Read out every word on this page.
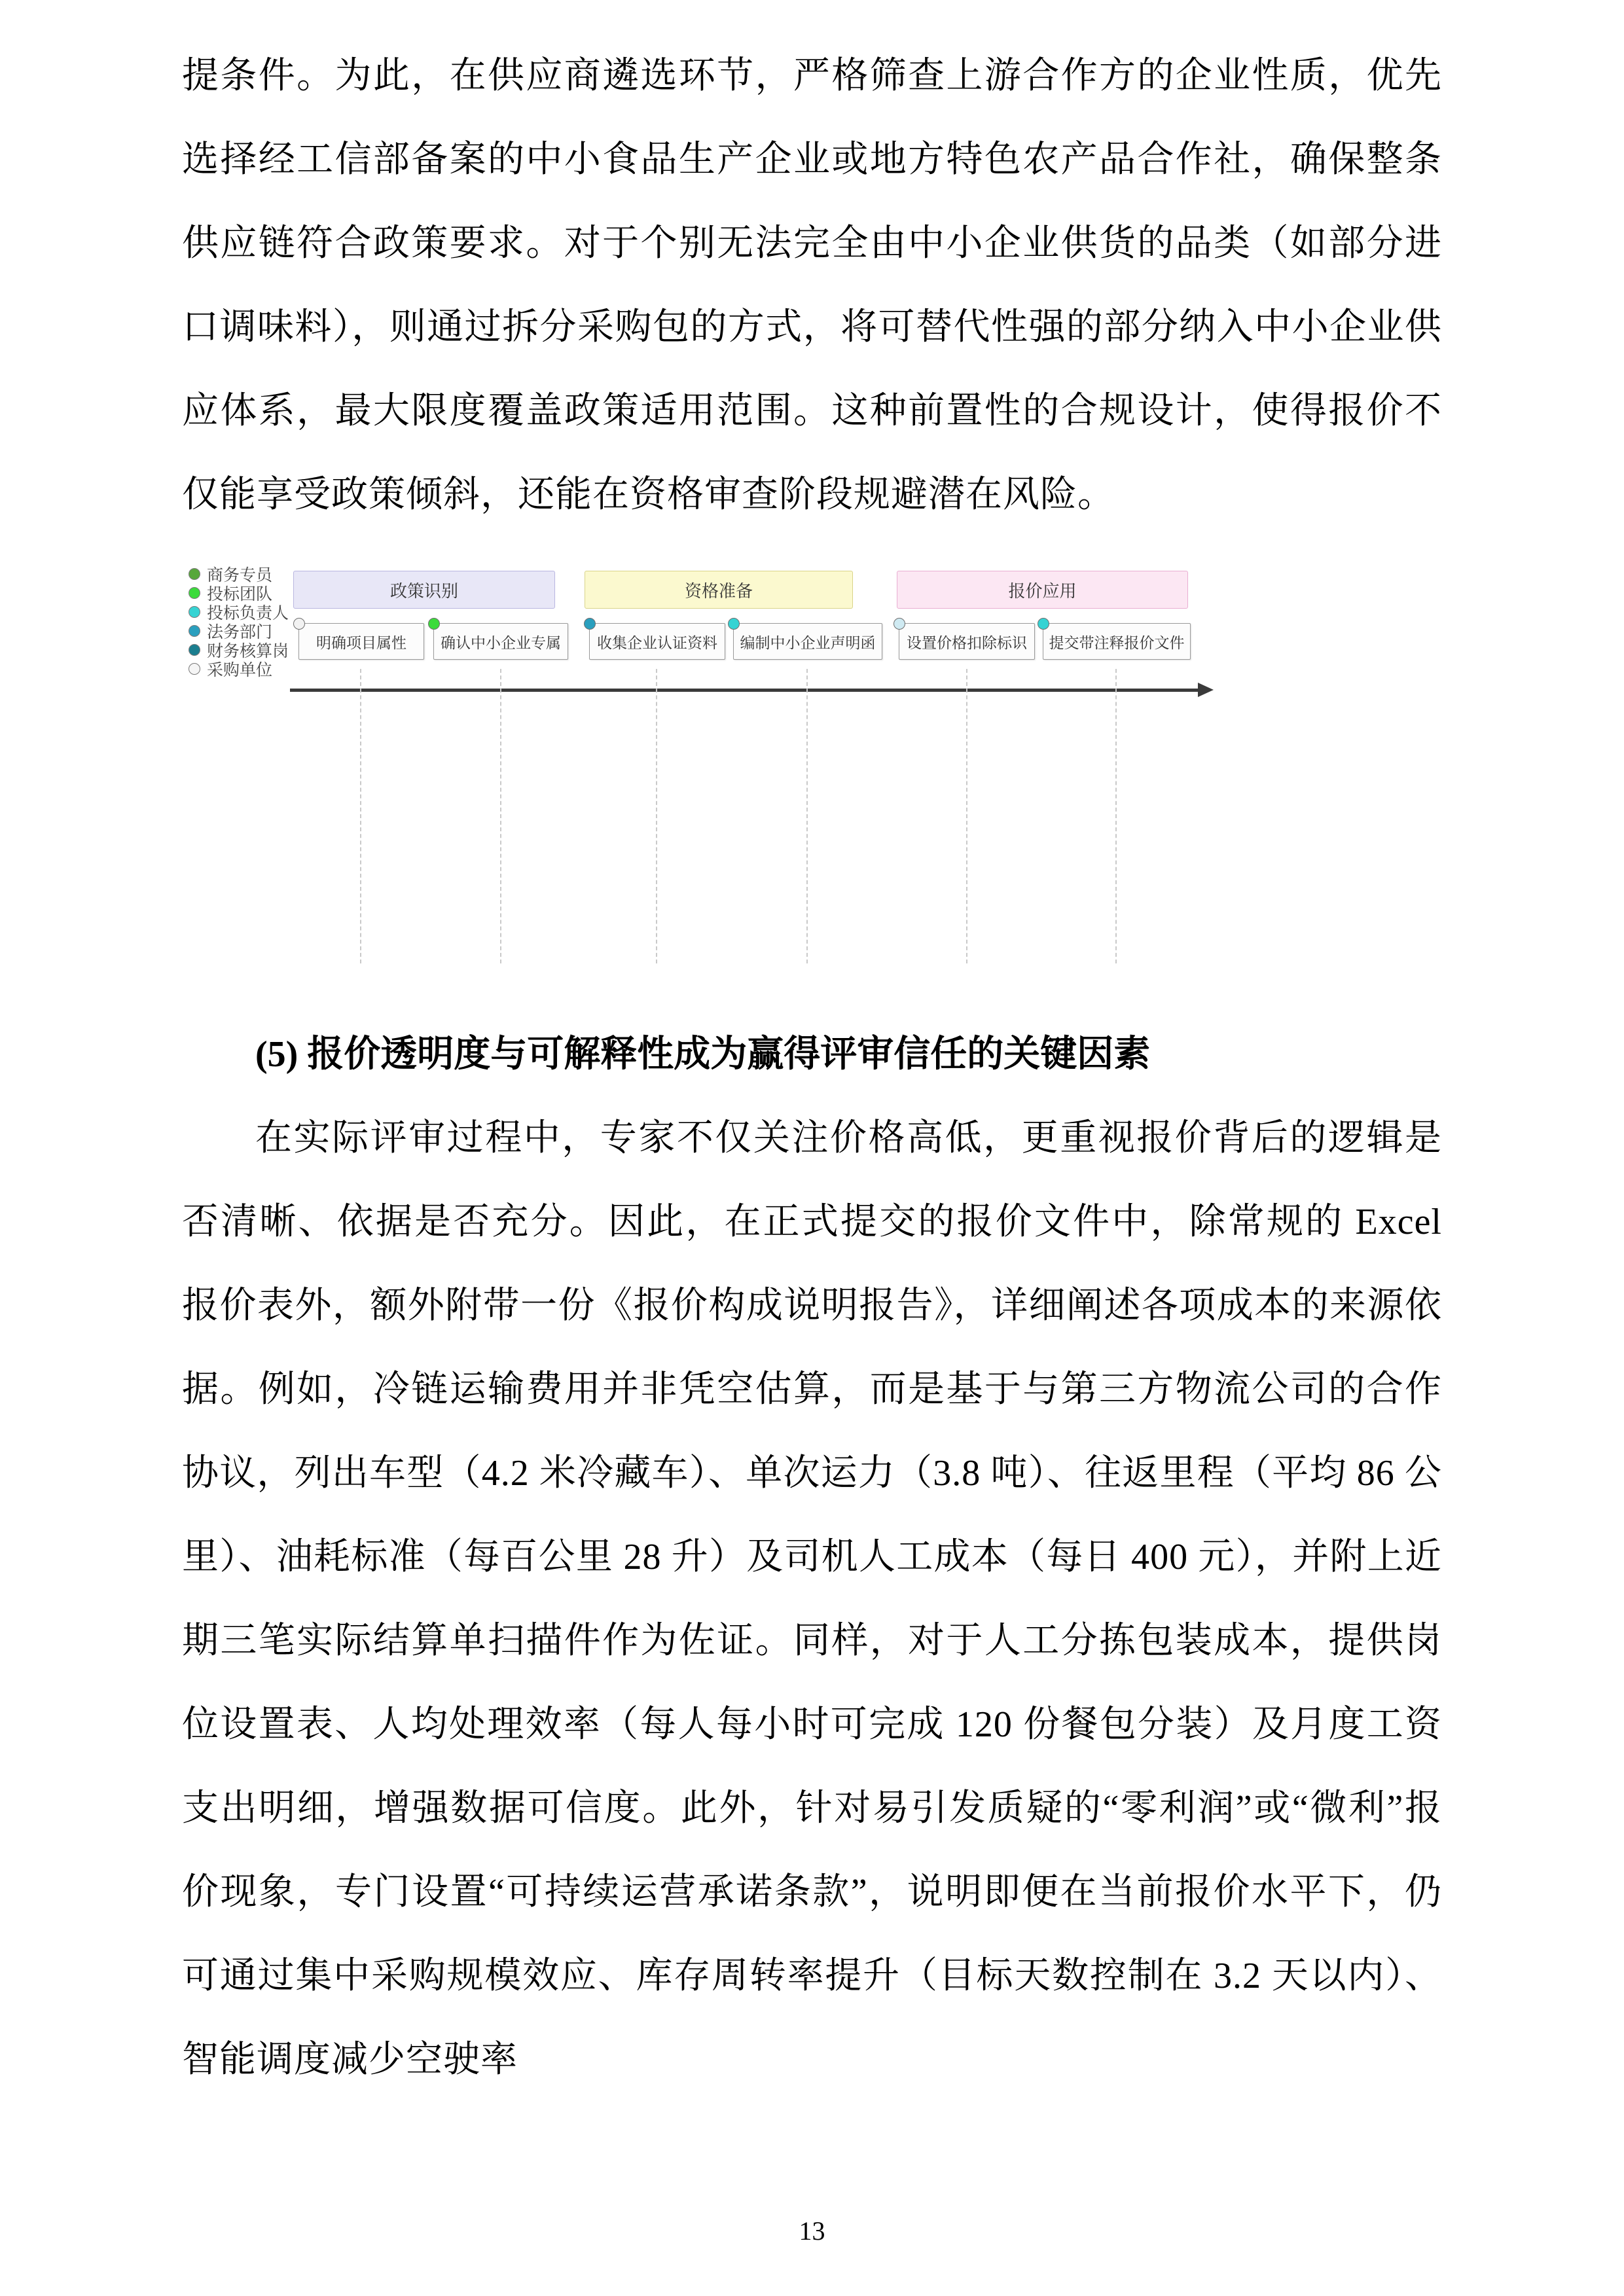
提条件。为此，在供应商遴选环节，严格筛查上游合作方的企业性质，优先选择经工信部备案的中小食品生产企业或地方特色农产品合作社，确保整条供应链符合政策要求。对于个别无法完全由中小企业供货的品类（如部分进口调味料），则通过拆分采购包的方式，将可替代性强的部分纳入中小企业供应体系，最大限度覆盖政策适用范围。这种前置性的合规设计，使得报价不仅能享受政策倾斜，还能在资格审查阶段规避潜在风险。

商务专员
投标团队
投标负责人
法务部门
财务核算岗
采购单位
政策识别	资格准备	报价应用
明确项目属性 确认中小企业专属 收集企业认证资料 编制中小企业声明函 设置价格扣除标识 提交带注释报价文件

(5) 报价透明度与可解释性成为赢得评审信任的关键因素

在实际评审过程中，专家不仅关注价格高低，更重视报价背后的逻辑是否清晰、依据是否充分。因此，在正式提交的报价文件中，除常规的 Excel 报价表外，额外附带一份《报价构成说明报告》，详细阐述各项成本的来源依据。例如，冷链运输费用并非凭空估算，而是基于与第三方物流公司的合作协议，列出车型（4.2 米冷藏车）、单次运力（3.8 吨）、往返里程（平均 86 公里）、油耗标准（每百公里 28 升）及司机人工成本（每日 400 元），并附上近期三笔实际结算单扫描件作为佐证。同样，对于人工分拣包装成本，提供岗位设置表、人均处理效率（每人每小时可完成 120 份餐包分装）及月度工资支出明细，增强数据可信度。此外，针对易引发质疑的“零利润”或“微利”报价现象，专门设置“可持续运营承诺条款”，说明即便在当前报价水平下，仍可通过集中采购规模效应、库存周转率提升（目标天数控制在 3.2 天以内）、智能调度减少空驶率

13
